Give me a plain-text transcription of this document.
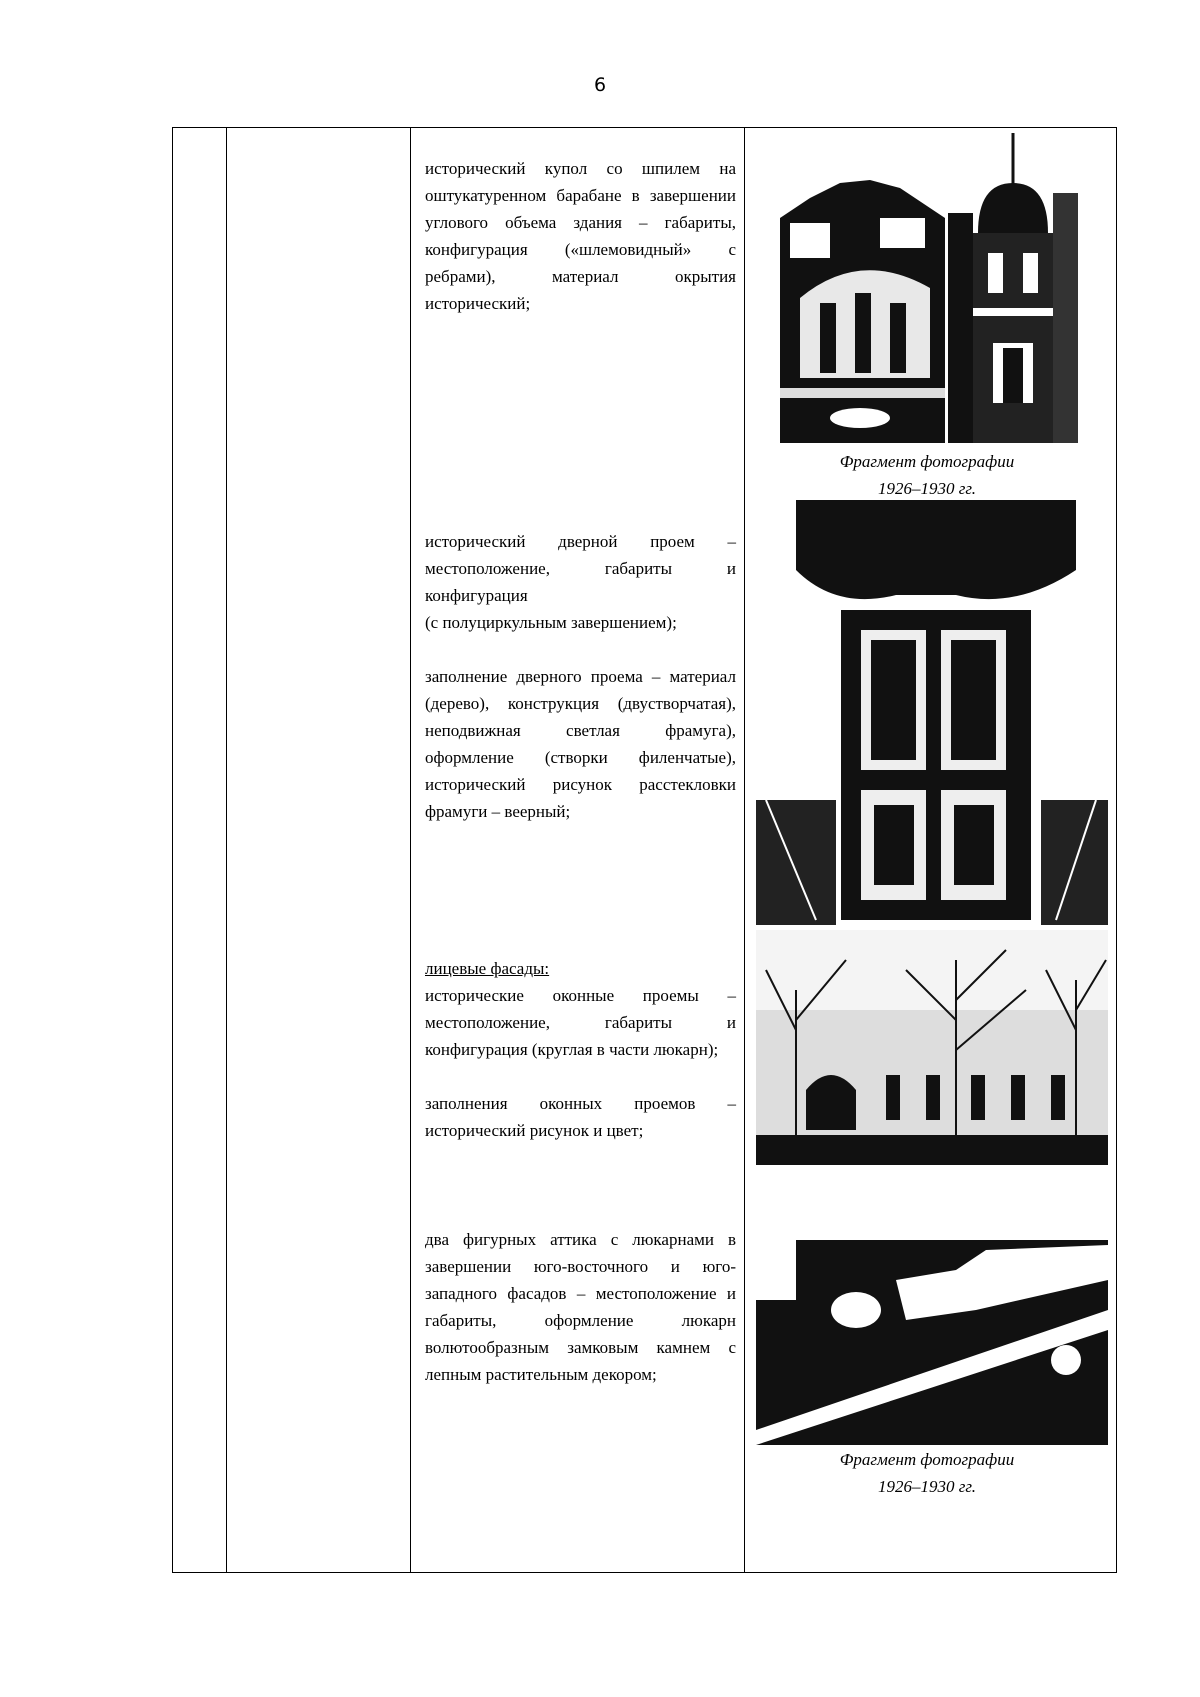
6

исторический купол со шпилем на оштукатуренном барабане в завершении углового объема здания – габариты, конфигурация («шлемовидный» с ребрами), материал окрытия исторический;

Фрагмент фотографии

1926–1930 гг.

исторический дверной проем – местоположение, габариты и конфигурация

(с полуциркульным завершением);

заполнение дверного проема – материал (дерево), конструкция (двустворчатая), неподвижная светлая фрамуга), оформление (створки филенчатые), исторический рисунок расстекловки фрамуги – веерный;

лицевые фасады:

исторические оконные проемы – местоположение, габариты и конфигурация (круглая в части люкарн);

заполнения оконных проемов – исторический рисунок и цвет;

два фигурных аттика с люкарнами в завершении юго-восточного и юго-западного фасадов – местоположение и габариты, оформление люкарн волютообразным замковым камнем с лепным растительным декором;

Фрагмент фотографии

1926–1930 гг.
